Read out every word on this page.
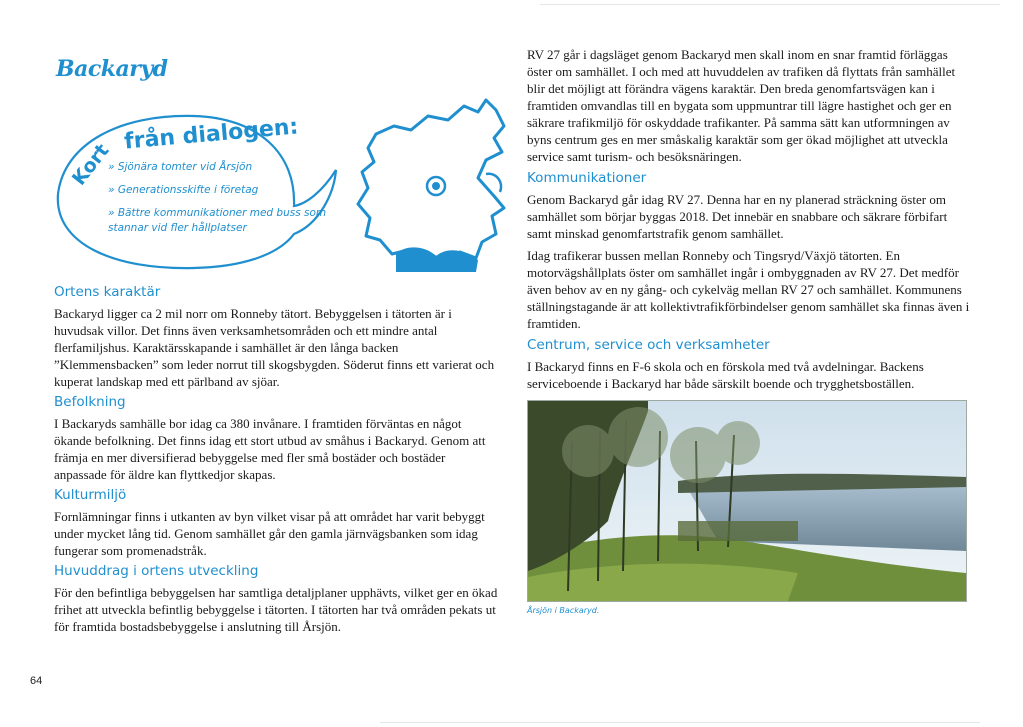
Backaryd
Kort
från dialogen:
» Sjönära tomter vid Årsjön
» Generationsskifte i företag
» Bättre kommunikationer med buss som stannar vid fler hållplatser
Ortens karaktär

Backaryd ligger ca 2 mil norr om Ronneby tätort. Bebyggelsen i tätorten är i huvudsak villor. Det finns även verksamhetsområden och ett mindre antal flerfamiljshus. Karaktärsskapande i samhället är den långa backen ”Klemmensbacken” som leder norrut till skogsbygden. Söderut finns ett varierat och kuperat landskap med ett pärlband av sjöar.

Befolkning

I Backaryds samhälle bor idag ca 380 invånare. I framtiden förväntas en något ökande befolkning. Det finns idag ett stort utbud av småhus i Backaryd. Genom att främja en mer diversifierad bebyggelse med fler små bostäder och bostäder anpassade för äldre kan flyttkedjor skapas.

Kulturmiljö

Fornlämningar finns i utkanten av byn vilket visar på att området har varit bebyggt under mycket lång tid. Genom samhället går den gamla järnvägsbanken som idag fungerar som promenadstråk.

Huvuddrag i ortens utveckling

För den befintliga bebyggelsen har samtliga detaljplaner upphävts, vilket ger en ökad frihet att utveckla befintlig bebyggelse i tätorten. I tätorten har två områden pekats ut för framtida bostadsbebyggelse i anslutning till Årsjön.

RV 27 går i dagsläget genom Backaryd men skall inom en snar framtid förläggas öster om samhället. I och med att huvuddelen av trafiken då flyttats från samhället blir det möjligt att förändra vägens karaktär. Den breda genomfartsvägen kan i framtiden omvandlas till en bygata som uppmuntrar till lägre hastighet och ger en säkrare trafikmiljö för oskyddade trafikanter. På samma sätt kan utformningen av byns centrum ges en mer småskalig karaktär som ger ökad möjlighet att utveckla service samt turism- och besöksnäringen.

Kommunikationer

Genom Backaryd går idag RV 27. Denna har en ny planerad sträckning öster om samhället som börjar byggas 2018. Det innebär en snabbare och säkrare förbifart samt minskad genomfartstrafik genom samhället.

Idag trafikerar bussen mellan Ronneby och Tingsryd/Växjö tätorten. En motorvägshållplats öster om samhället ingår i ombyggnaden av RV 27. Det medför även behov av en ny gång- och cykelväg mellan RV 27 och samhället. Kommunens ställningstagande är att kollektivtrafikförbindelser genom samhället ska finnas även i framtiden.

Centrum, service och verksamheter

I Backaryd finns en F-6 skola och en förskola med två avdelningar. Backens serviceboende i Backaryd har både särskilt boende och trygghetsboställen.

Årsjön i Backaryd.
64
